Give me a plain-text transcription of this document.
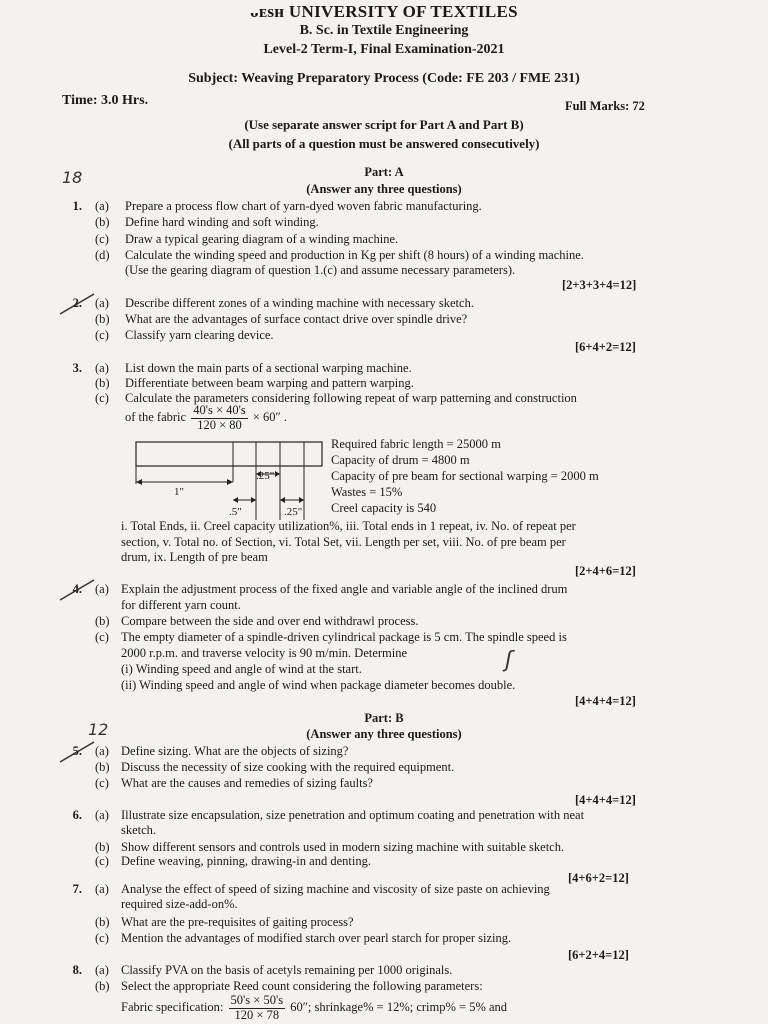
ᴗᴇsн UNIVERSITY OF TEXTILES
B. Sc. in Textile Engineering
Level-2 Term-I, Final Examination-2021
Subject: Weaving Preparatory Process (Code: FE 203 / FME 231)
Time: 3.0 Hrs.	Full Marks: 72
(Use separate answer script for Part A and Part B)
(All parts of a question must be answered consecutively)
18	Part: A
(Answer any three questions)
1. (a) Prepare a process flow chart of yarn-dyed woven fabric manufacturing.
(b) Define hard winding and soft winding.
(c) Draw a typical gearing diagram of a winding machine.
(d) Calculate the winding speed and production in Kg per shift (8 hours) of a winding machine.
(Use the gearing diagram of question 1.(c) and assume necessary parameters).
[2+3+3+4=12]
2. (a) Describe different zones of a winding machine with necessary sketch.
(b) What are the advantages of surface contact drive over spindle drive?
(c) Classify yarn clearing device.
[6+4+2=12]
3. (a) List down the main parts of a sectional warping machine.
(b) Differentiate between beam warping and pattern warping.
(c) Calculate the parameters considering following repeat of warp patterning and construction
of the fabric $\frac{40's \times 40's}{120 \times 80} \times 60''$ .
1"
.25"
.5"	.25"
Required fabric length = 25000 m
Capacity of drum = 4800 m
Capacity of pre beam for sectional warping = 2000 m
Wastes = 15%
Creel capacity is 540
i. Total Ends, ii. Creel capacity utilization%, iii. Total ends in 1 repeat, iv. No. of repeat per
section, v. Total no. of Section, vi. Total Set, vii. Length per set, viii. No. of pre beam per
drum, ix. Length of pre beam
[2+4+6=12]
4. (a) Explain the adjustment process of the fixed angle and variable angle of the inclined drum
for different yarn count.
(b) Compare between the side and over end withdrawl process.
(c) The empty diameter of a spindle-driven cylindrical package is 5 cm. The spindle speed is
2000 r.p.m. and traverse velocity is 90 m/min. Determine
(i) Winding speed and angle of wind at the start.
(ii) Winding speed and angle of wind when package diameter becomes double.
ʃ
[4+4+4=12]
12
Part: B
(Answer any three questions)
5. (a) Define sizing. What are the objects of sizing?
(b) Discuss the necessity of size cooking with the required equipment.
(c) What are the causes and remedies of sizing faults?
[4+4+4=12]
6. (a) Illustrate size encapsulation, size penetration and optimum coating and penetration with neat
sketch.
(b) Show different sensors and controls used in modern sizing machine with suitable sketch.
(c) Define weaving, pinning, drawing-in and denting.
[4+6+2=12]
7. (a) Analyse the effect of speed of sizing machine and viscosity of size paste on achieving
required size-add-on%.
(b) What are the pre-requisites of gaiting process?
(c) Mention the advantages of modified starch over pearl starch for proper sizing.
[6+2+4=12]
8. (a) Classify PVA on the basis of acetyls remaining per 1000 originals.
(b) Select the appropriate Reed count considering the following parameters:
Fabric specification: $\frac{50's \times 50's}{120 \times 78} 60''$; shrinkage% = 12%; crimp% = 5% and
